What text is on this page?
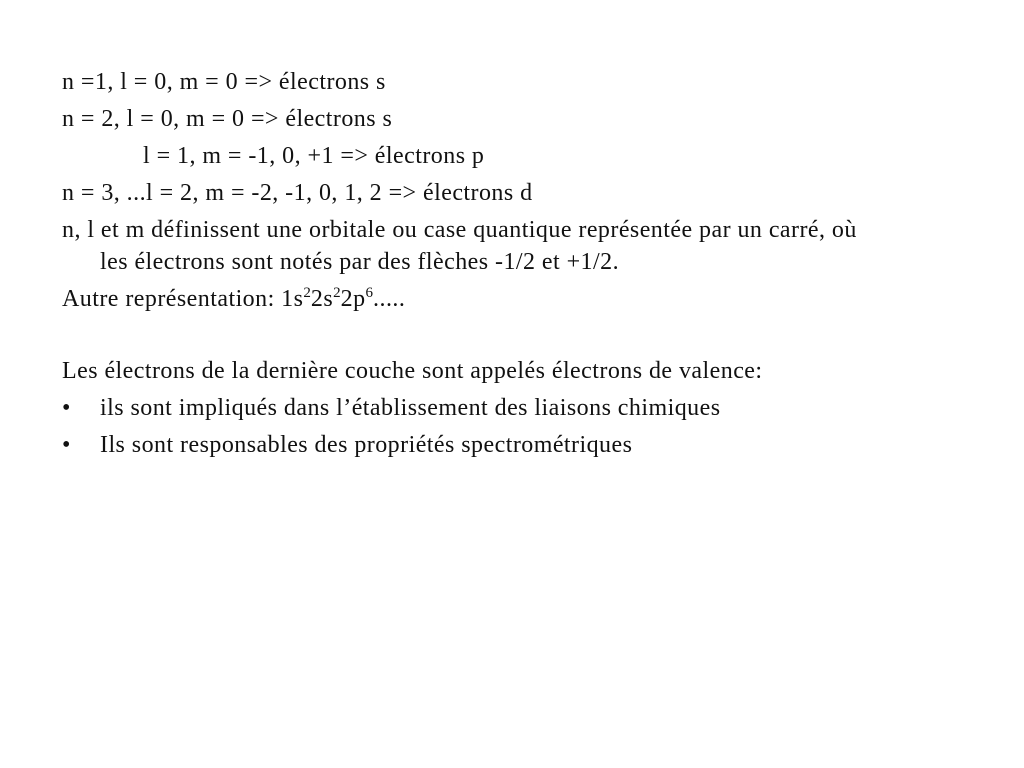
n =1, l = 0, m = 0 => électrons s
n = 2, l = 0, m = 0 => électrons s
l = 1, m = -1, 0, +1 => électrons p
n = 3, ...l = 2, m = -2, -1, 0, 1, 2 => électrons d
n, l et m définissent une orbitale ou case quantique représentée par un carré, où
les électrons sont notés par des flèches -1/2 et +1/2.
Autre représentation: $1s^22s^22p^6$.....
Les électrons de la dernière couche sont appelés électrons de valence:
• ils sont impliqués dans l’établissement des liaisons chimiques
• Ils sont responsables des propriétés spectrométriques
